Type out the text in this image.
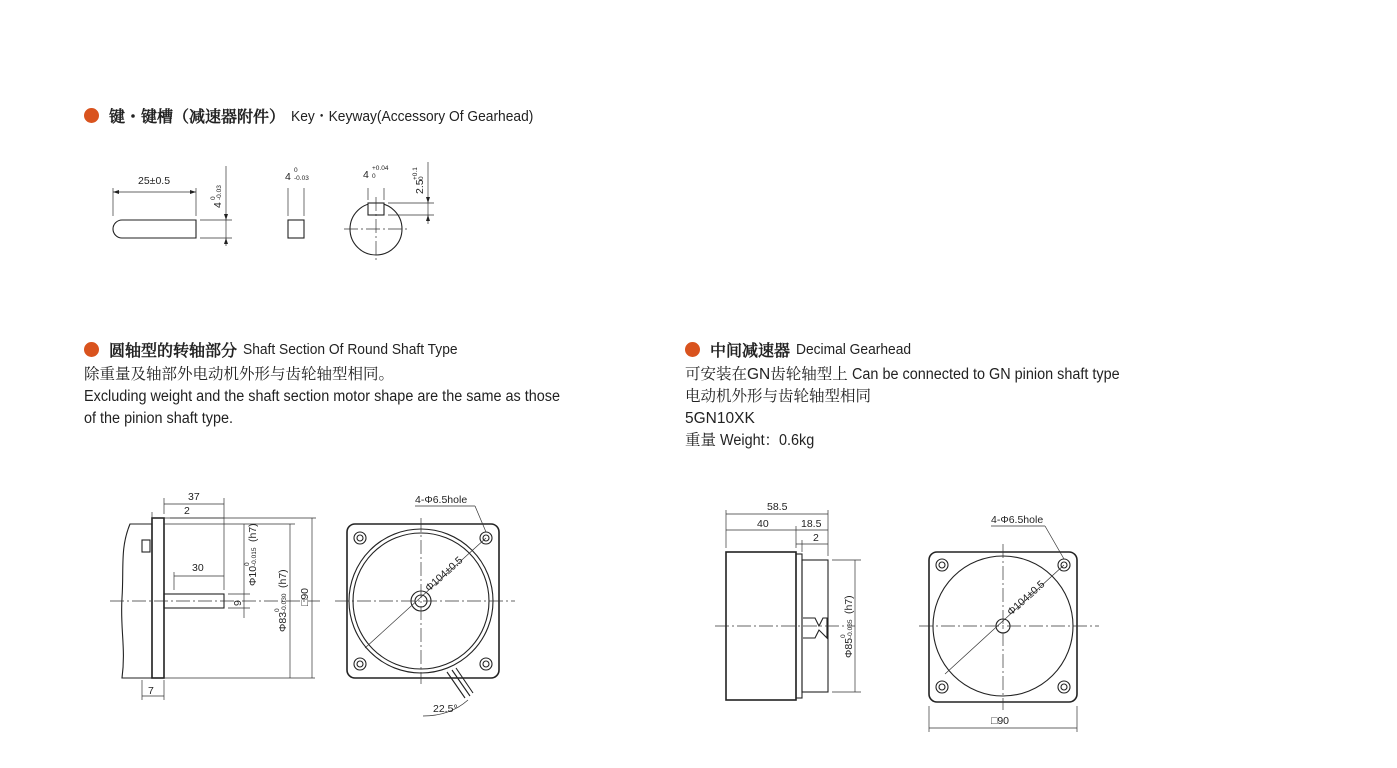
键・键槽（减速器附件） Key・Keyway(Accessory Of Gearhead)
25±0.5
4
0 -0.03
4
0
-0.03	4
+0.04
0
2.5
+0.1 0
圆轴型的转轴部分 Shaft Section Of Round Shaft Type
除重量及轴部外电动机外形与齿轮轴型相同。
Excluding weight and the shaft section motor shape are the same as those
of the pinion shaft type.
37
2
30
9
Φ10
0 -0.015
(h7)
Φ83
0 -0.030
(h7)
□90
7
Φ104±0.5
4-Φ6.5hole
22.5°
中间减速器 Decimal Gearhead
可安装在GN齿轮轴型上 Can be connected to GN pinion shaft type
电动机外形与齿轮轴型相同
5GN10XK
重量 Weight：0.6kg
58.5
40	18.5
2
Φ85
0 -0.035
(h7)	Φ104±0.5
4-Φ6.5hole
□90
